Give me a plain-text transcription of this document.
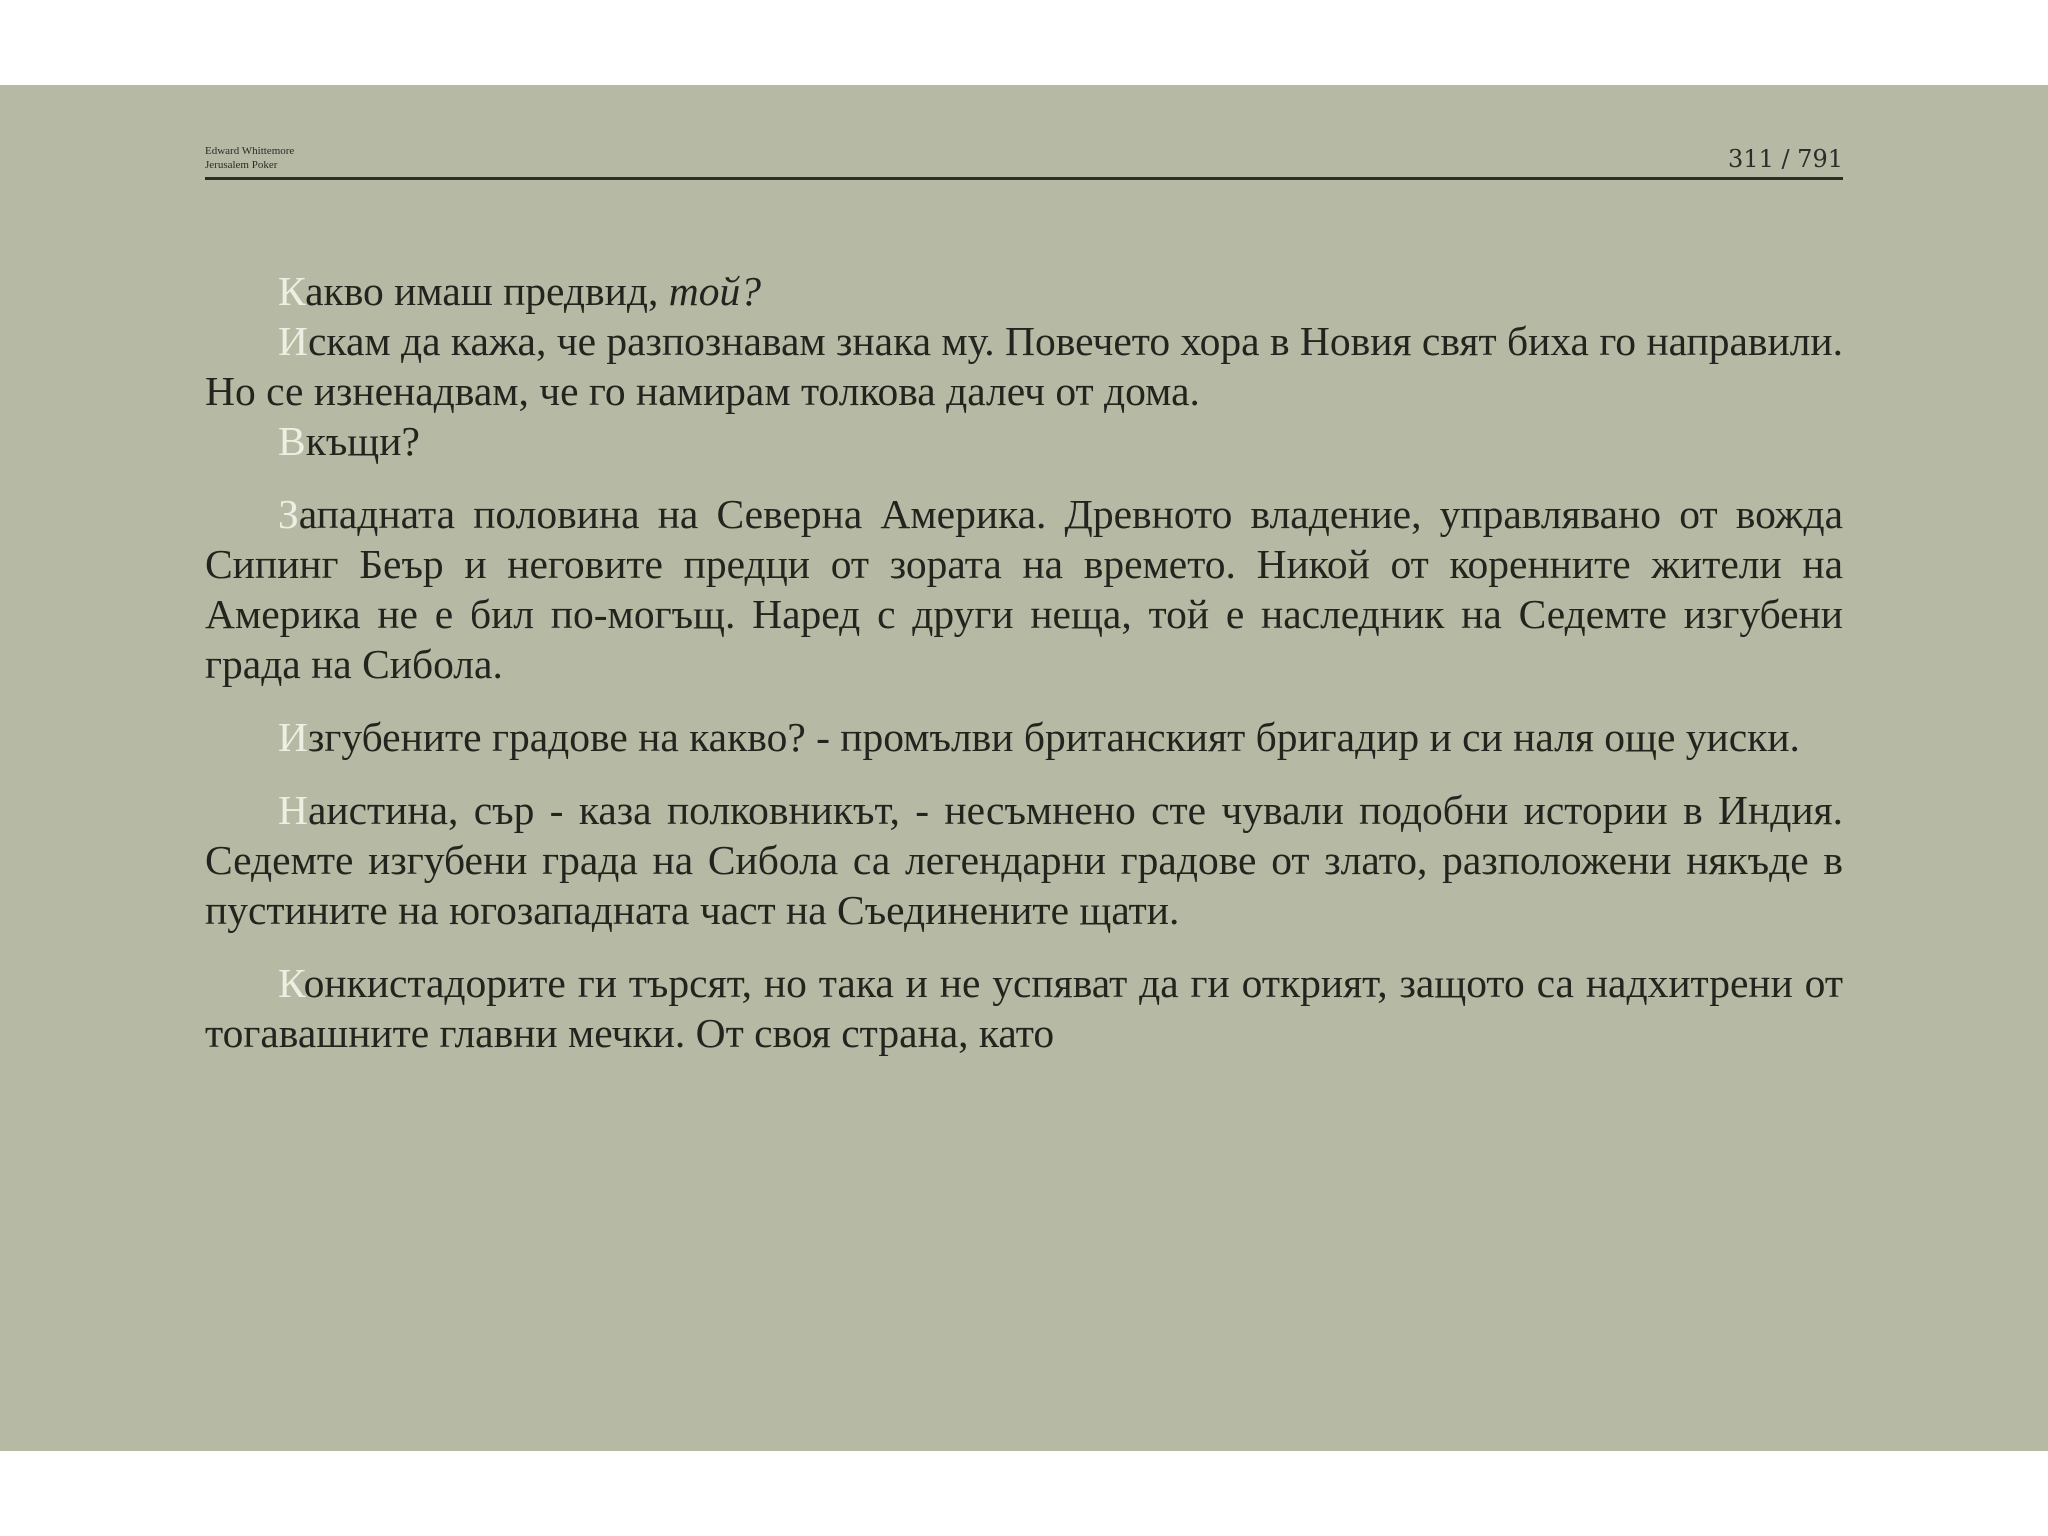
Edward Whittemore
Jerusalem Poker	311 / 791

Какво имаш предвид, той?

Искам да кажа, че разпознавам знака му. Повечето хора в Новия свят биха го направили. Но се изненадвам, че го намирам толкова далеч от дома.

Вкъщи?

Западната половина на Северна Америка. Древното владение, управлявано от вожда Сипинг Беър и неговите предци от зората на времето. Никой от коренните жители на Америка не е бил по-могъщ. Наред с други неща, той е наследник на Седемте изгубени града на Сибола.

Изгубените градове на какво? - промълви британският бригадир и си наля още уиски.

Наистина, сър - каза полковникът, - несъмнено сте чували подобни истории в Индия. Седемте изгубени града на Сибола са легендарни градове от злато, разположени някъде в пустините на югозападната част на Съединените щати.

Конкистадорите ги търсят, но така и не успяват да ги открият, защото са надхитрени от тогавашните главни мечки. От своя страна, като
